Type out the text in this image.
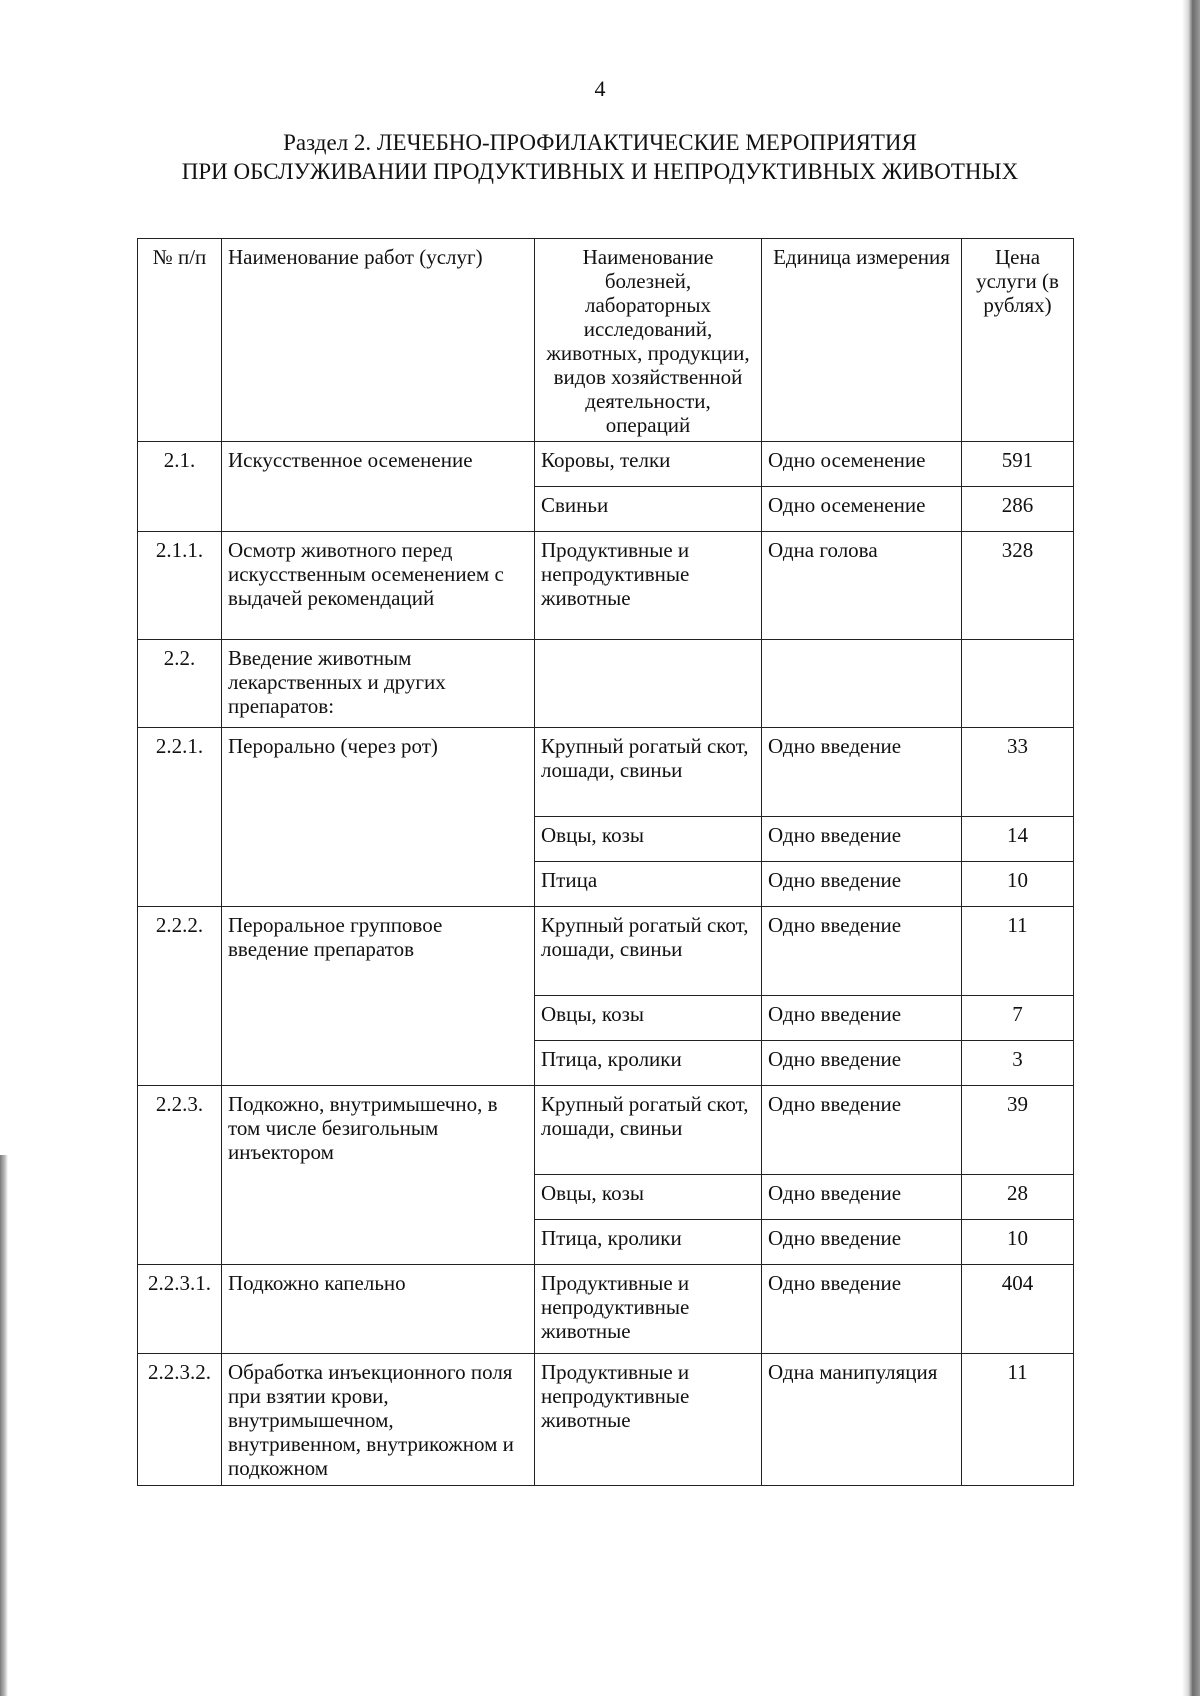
4
Раздел 2. ЛЕЧЕБНО-ПРОФИЛАКТИЧЕСКИЕ МЕРОПРИЯТИЯ
ПРИ ОБСЛУЖИВАНИИ ПРОДУКТИВНЫХ И НЕПРОДУКТИВНЫХ ЖИВОТНЫХ
№ п/п	Наименование работ (услуг)	Наименование болезней, лабораторных исследований, животных, продукции, видов хозяйственной деятельности, операций	Единица измерения	Цена услуги (в рублях)
2.1.	Искусственное осеменение	Коровы, телки	Одно осеменение	591
		Свиньи	Одно осеменение	286
2.1.1.	Осмотр животного перед искусственным осеменением с выдачей рекомендаций	Продуктивные и непродуктивные животные	Одна голова	328
2.2.	Введение животным лекарственных и других препаратов:			
2.2.1.	Перорально (через рот)	Крупный рогатый скот, лошади, свиньи	Одно введение	33
		Овцы, козы	Одно введение	14
		Птица	Одно введение	10
2.2.2.	Пероральное групповое введение препаратов	Крупный рогатый скот, лошади, свиньи	Одно введение	11
		Овцы, козы	Одно введение	7
		Птица, кролики	Одно введение	3
2.2.3.	Подкожно, внутримышечно, в том числе безигольным инъектором	Крупный рогатый скот, лошади, свиньи	Одно введение	39
		Овцы, козы	Одно введение	28
		Птица, кролики	Одно введение	10
2.2.3.1.	Подкожно капельно	Продуктивные и непродуктивные животные	Одно введение	404
2.2.3.2.	Обработка инъекционного поля при взятии крови, внутримышечном, внутривенном, внутрикожном и подкожном	Продуктивные и непродуктивные животные	Одна манипуляция	11
